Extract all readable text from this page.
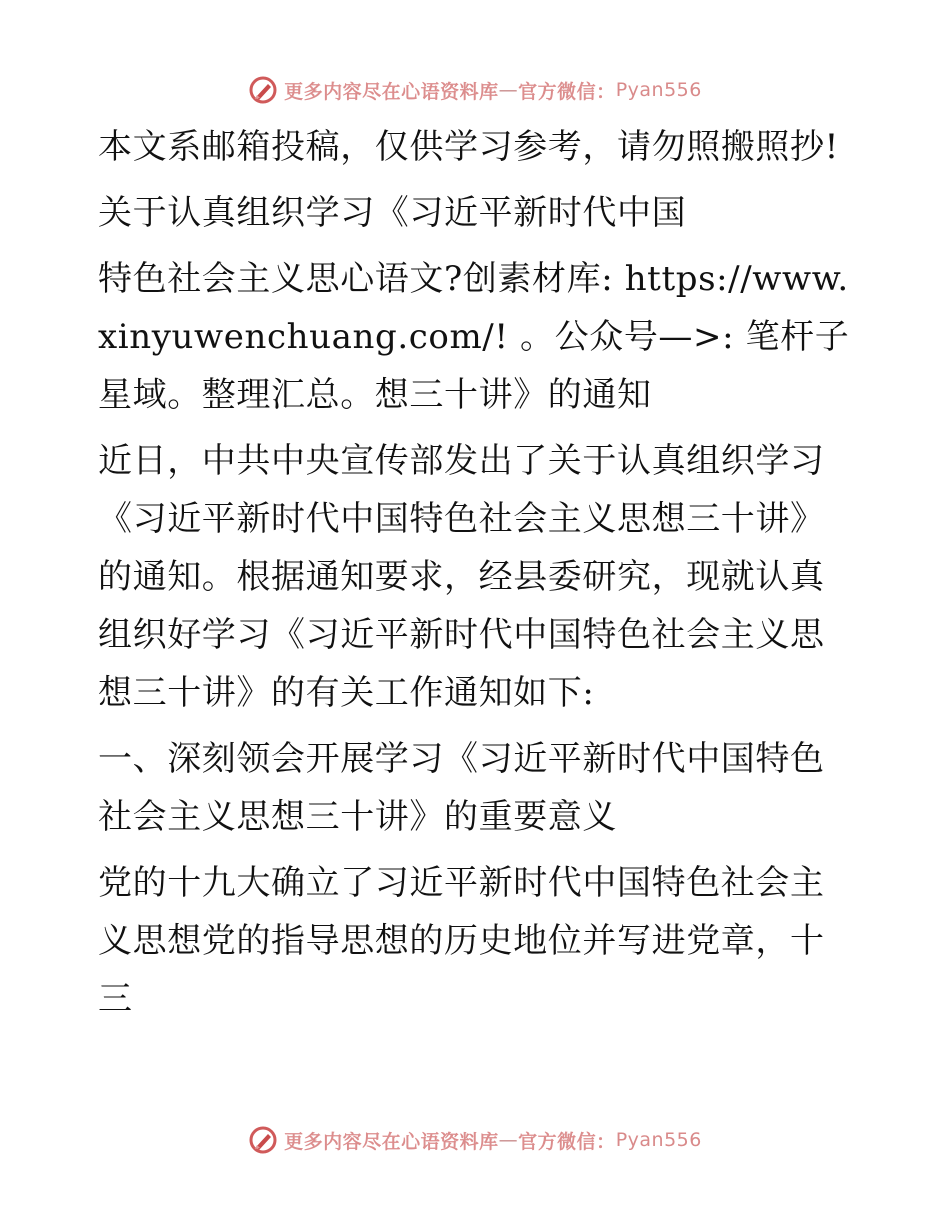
更多内容尽在心语资料库 — 官方微信： Pyan556

本文系邮箱投稿，仅供学习参考，请勿照搬照抄!

关于认真组织学习《习近平新时代中国

特色社会主义思心语文?创素材库: https://www.xinyuwenchuang.com/! 。公众号—>: 笔杆子星域。整理汇总。想三十讲》的通知

近日，中共中央宣传部发出了关于认真组织学习《习近平新时代中国特色社会主义思想三十讲》的通知。根据通知要求，经县委研究，现就认真组织好学习《习近平新时代中国特色社会主义思想三十讲》的有关工作通知如下:

一、深刻领会开展学习《习近平新时代中国特色社会主义思想三十讲》的重要意义

党的十九大确立了习近平新时代中国特色社会主义思想党的指导思想的历史地位并写进党章，十三

更多内容尽在心语资料库 — 官方微信： Pyan556
